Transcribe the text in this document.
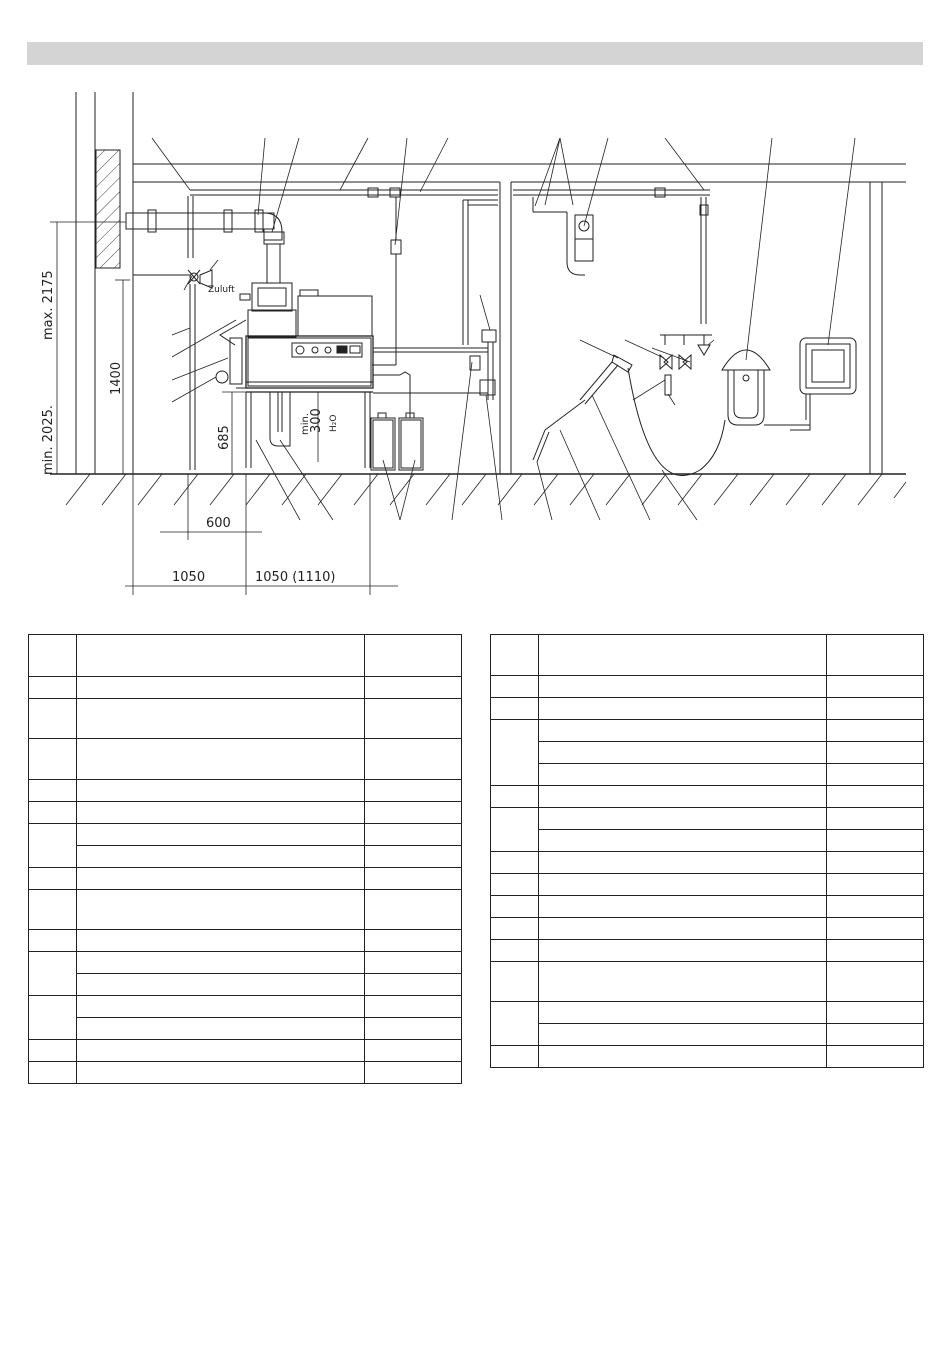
max. 2175
min. 2025.
1400
685
min.
300 H₂O
Zuluft
600
1050	1050 (1110)
